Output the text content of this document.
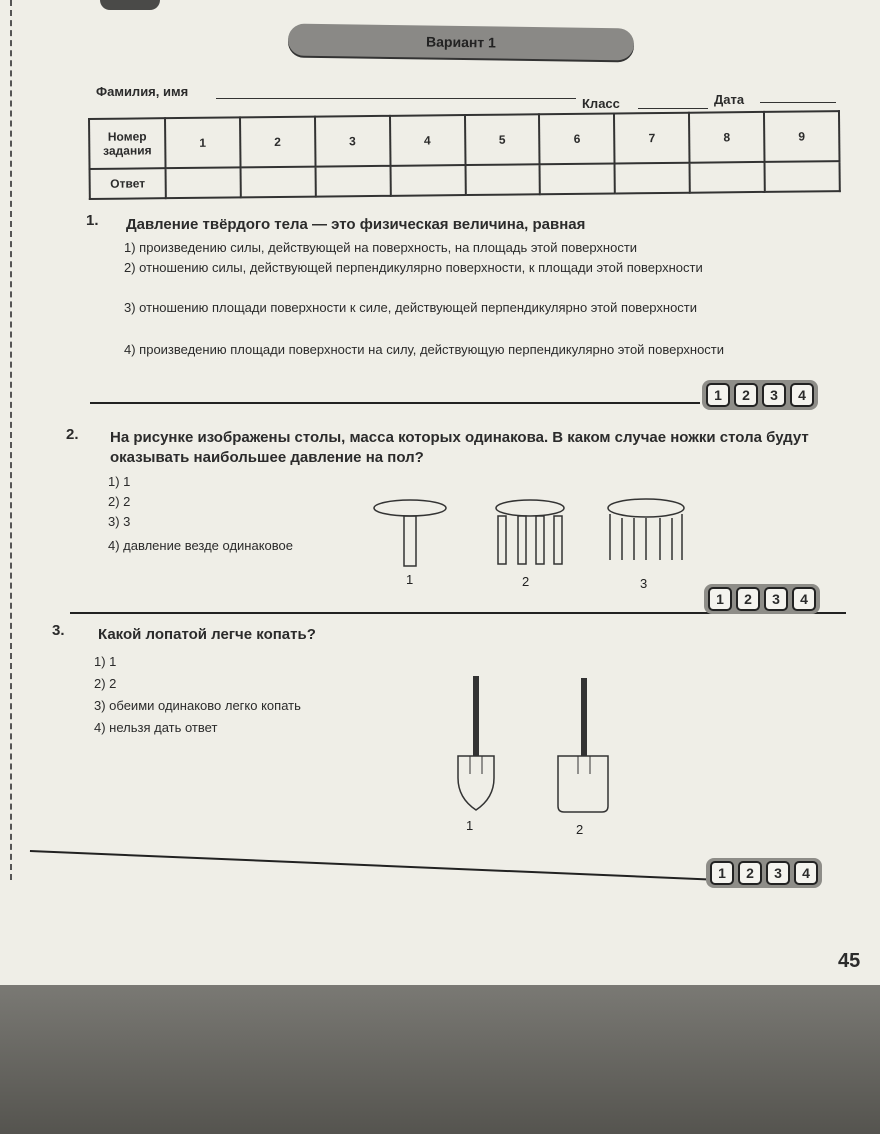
Вариант 1
Фамилия, имя
Класс	Дата
Номер задания	1	2	3	4	5	6	7	8	9
Ответ									
1. Давление твёрдого тела — это физическая величина, равная
1) произведению силы, действующей на поверхность, на площадь этой поверхности
2) отношению силы, действующей перпендикулярно поверхности, к площади этой поверхности
3) отношению площади поверхности к силе, действующей перпендикулярно этой поверхности
4) произведению площади поверхности на силу, действующую перпендикулярно этой поверхности
1	2	3	4
2. На рисунке изображены столы, масса которых одинакова. В каком случае ножки стола будут оказывать наибольшее давление на пол?
1) 1
2) 2
3) 3
4) давление везде одинаковое
1	2	3
1	2	3	4
3. Какой лопатой легче копать?
1) 1
2) 2
3) обеими одинаково легко копать
4) нельзя дать ответ
1	2
1	2	3	4
45
